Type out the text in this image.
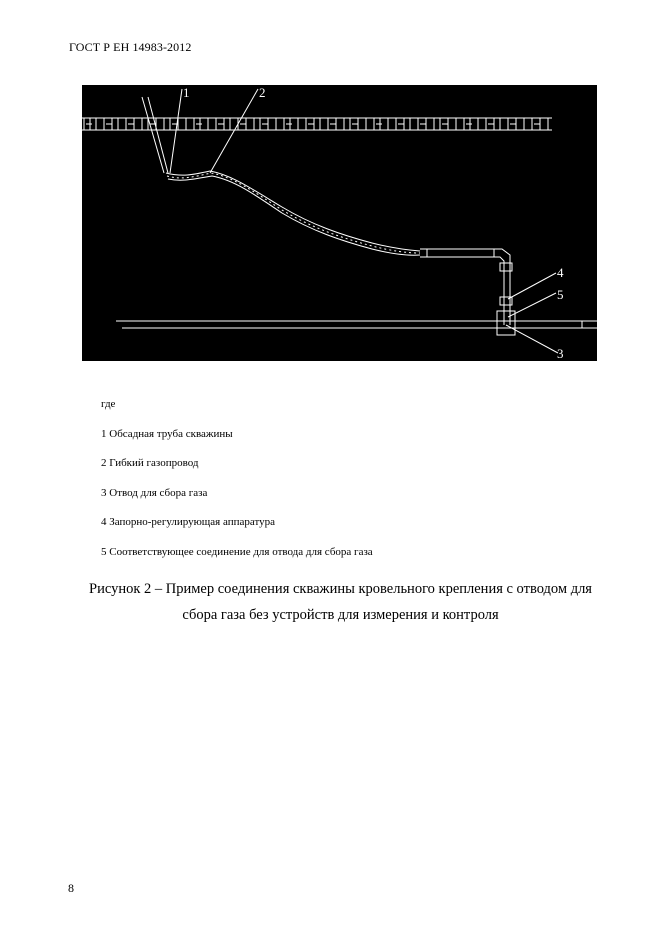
ГОСТ Р ЕН 14983-2012
1	2
3
4
5
где
1 Обсадная труба скважины
2 Гибкий газопровод
3 Отвод для сбора газа
4 Запорно-регулирующая аппаратура
5 Соответствующее соединение для отвода для сбора газа
Рисунок 2 – Пример соединения скважины кровельного крепления с отводом для
сбора газа без устройств для измерения и контроля
8
